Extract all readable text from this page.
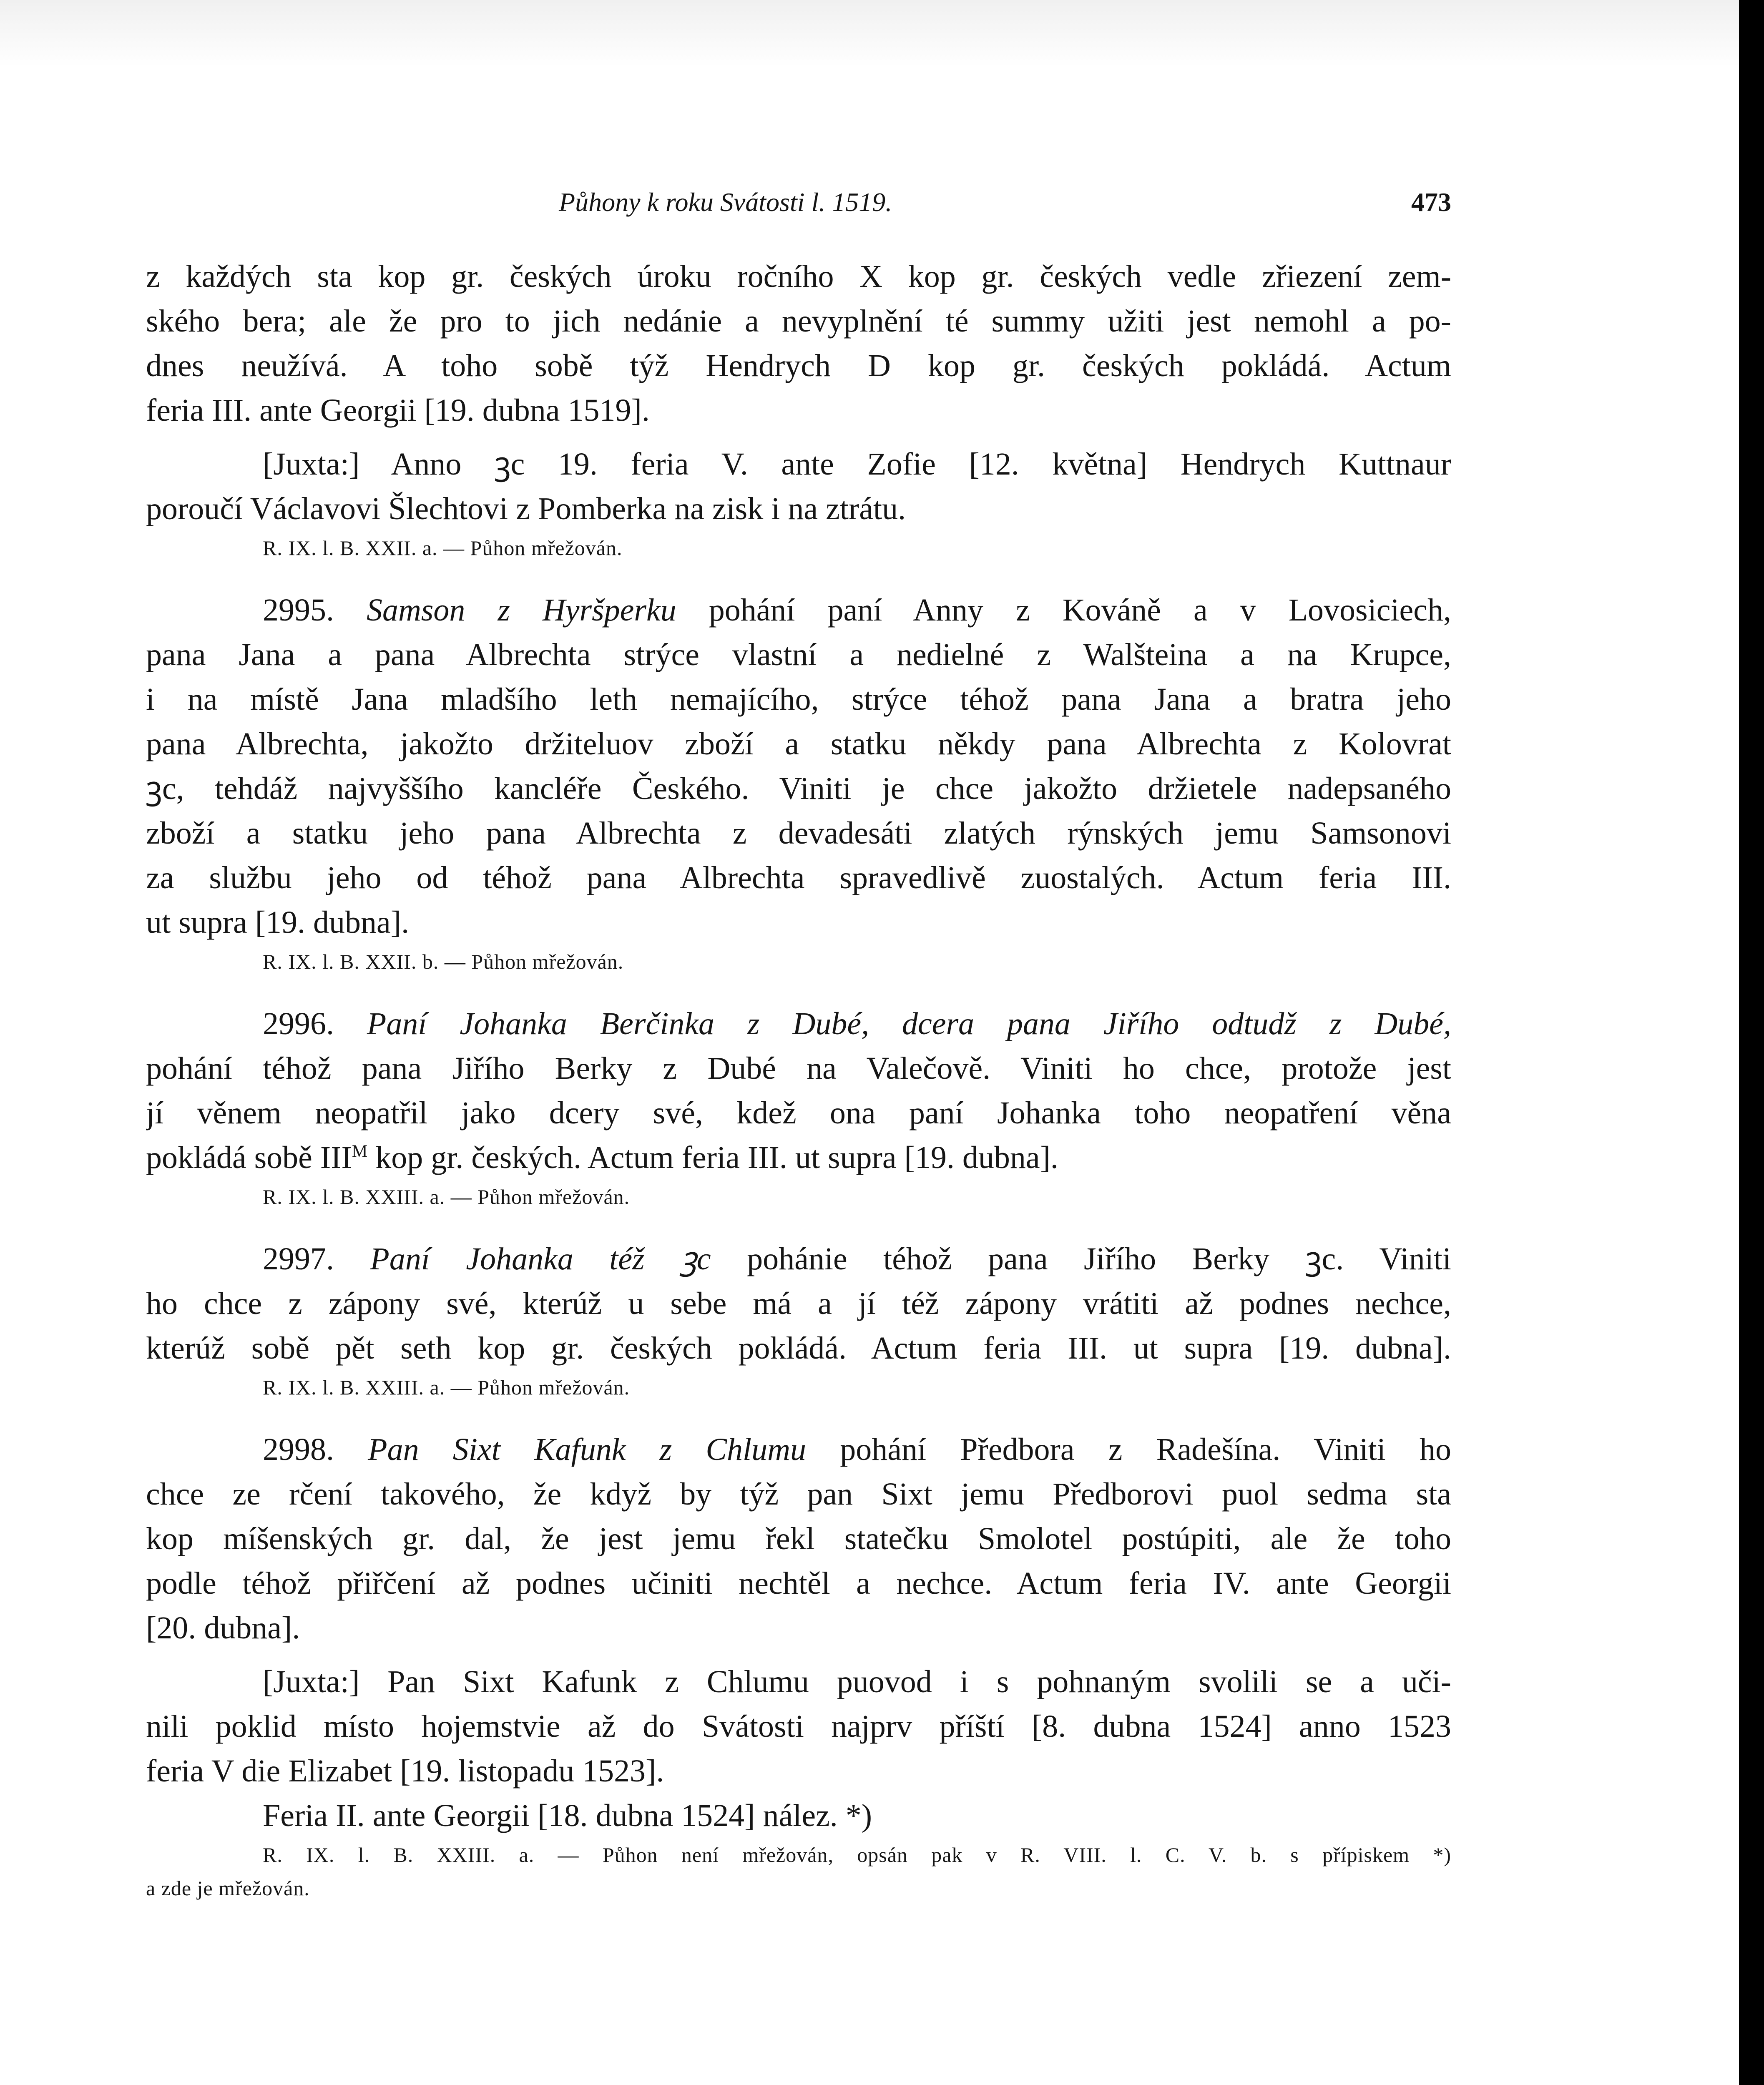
Půhony k roku Svátosti l. 1519.	473
z každých sta kop gr. českých úroku ročního X kop gr. českých vedle zřiezení zem-
ského bera; ale že pro to jich nedánie a nevyplnění té summy užiti jest nemohl a po-
dnes neužívá. A toho sobě týž Hendrych D kop gr. českých pokládá. Actum
feria III. ante Georgii [19. dubna 1519].
[Juxta:] Anno ꝫc 19. feria V. ante Zofie [12. května] Hendrych Kuttnaur
poroučí Václavovi Šlechtovi z Pomberka na zisk i na ztrátu.
R. IX. l. B. XXII. a. — Půhon mřežován.
2995. Samson z Hyršperku pohání paní Anny z Kováně a v Lovosiciech,
pana Jana a pana Albrechta strýce vlastní a nedielné z Walšteina a na Krupce,
i na místě Jana mladšího leth nemajícího, strýce téhož pana Jana a bratra jeho
pana Albrechta, jakožto držiteluov zboží a statku někdy pana Albrechta z Kolovrat
ꝫc, tehdáž najvyššího kancléře Českého. Viniti je chce jakožto držietele nadepsaného
zboží a statku jeho pana Albrechta z devadesáti zlatých rýnských jemu Samsonovi
za službu jeho od téhož pana Albrechta spravedlivě zuostalých. Actum feria III.
ut supra [19. dubna].
R. IX. l. B. XXII. b. — Půhon mřežován.
2996. Paní Johanka Berčinka z Dubé, dcera pana Jiřího odtudž z Dubé,
pohání téhož pana Jiřího Berky z Dubé na Valečově. Viniti ho chce, protože jest
jí věnem neopatřil jako dcery své, kdež ona paní Johanka toho neopatření věna
pokládá sobě $III^M$ kop gr. českých. Actum feria III. ut supra [19. dubna].
R. IX. l. B. XXIII. a. — Půhon mřežován.
2997. Paní Johanka též ꝫc pohánie téhož pana Jiřího Berky ꝫc. Viniti
ho chce z zápony své, kterúž u sebe má a jí též zápony vrátiti až podnes nechce,
kterúž sobě pět seth kop gr. českých pokládá. Actum feria III. ut supra [19. dubna].
R. IX. l. B. XXIII. a. — Půhon mřežován.
2998. Pan Sixt Kafunk z Chlumu pohání Předbora z Radešína. Viniti ho
chce ze rčení takového, že když by týž pan Sixt jemu Předborovi puol sedma sta
kop míšenských gr. dal, že jest jemu řekl statečku Smolotel postúpiti, ale že toho
podle téhož přiřčení až podnes učiniti nechtěl a nechce. Actum feria IV. ante Georgii
[20. dubna].
[Juxta:] Pan Sixt Kafunk z Chlumu puovod i s pohnaným svolili se a uči-
nili poklid místo hojemstvie až do Svátosti najprv příští [8. dubna 1524] anno 1523
feria V die Elizabet [19. listopadu 1523].
Feria II. ante Georgii [18. dubna 1524] nález. *)
R. IX. l. B. XXIII. a. — Půhon není mřežován, opsán pak v R. VIII. l. C. V. b. s přípiskem *)
a zde je mřežován.
